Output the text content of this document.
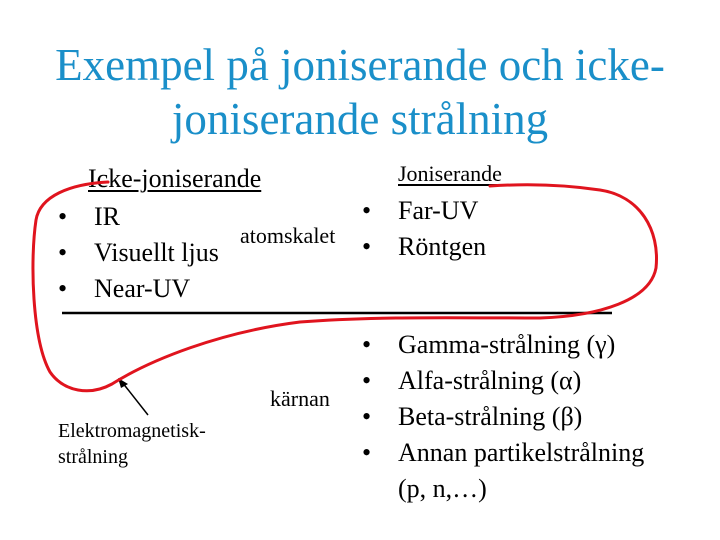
Exempel på joniserande och icke-
joniserande strålning
Icke-joniserande
• IR
• Visuellt ljus
• Near-UV
atomskalet
Joniserande
• Far-UV
• Röntgen
• Gamma-strålning (γ)
• Alfa-strålning (α)
• Beta-strålning (β)
• Annan partikelstrålning
(p, n,…)
kärnan
Elektromagnetisk-
strålning
